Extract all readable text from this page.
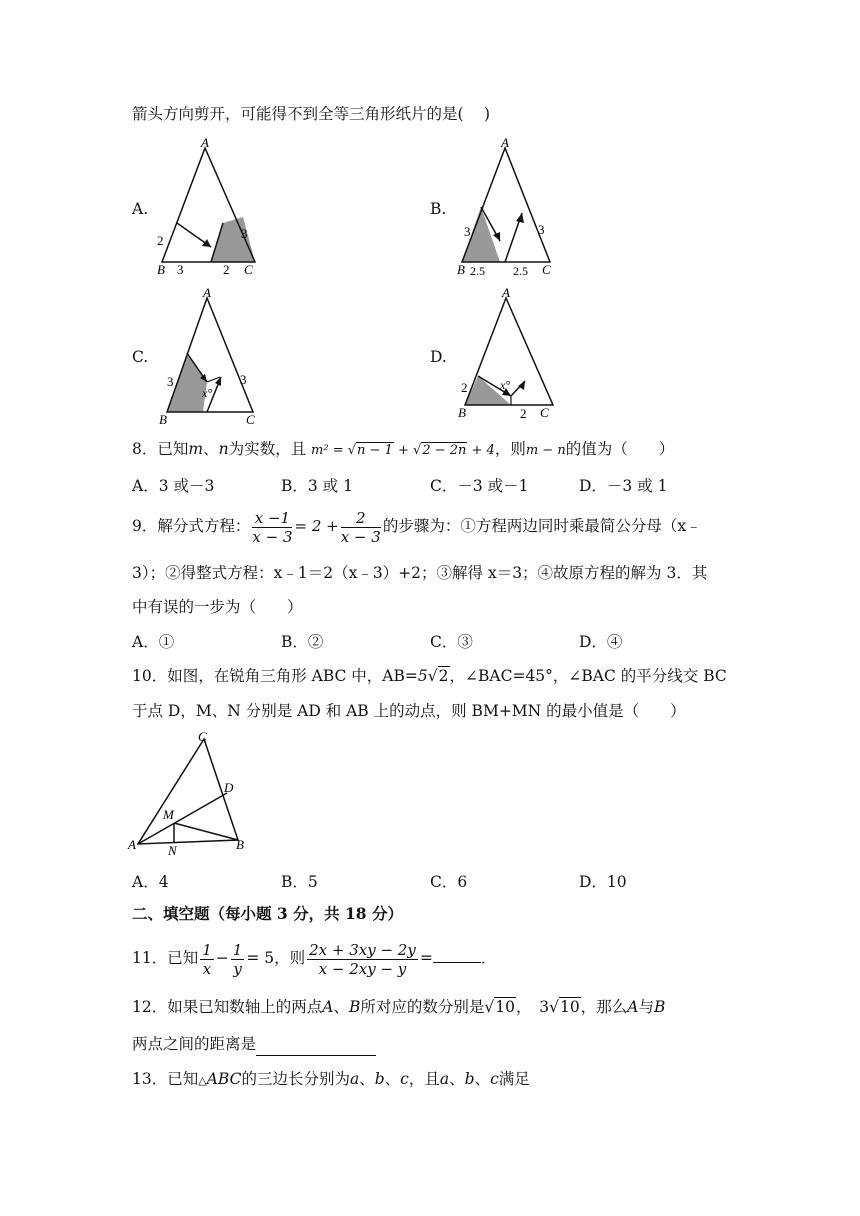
箭头方向剪开，可能得不到全等三角形纸片的是(　 )
A.	B.
C.	D.
A
B	C
2	3
3	2
A
B	C
3	3
2.5 2.5
A
B	C
3	3
x°
A
B	C
2
2
x°
8．已知m、n为实数，且 m² = √n − 1 + √2 − 2n + 4，则m − n的值为（　　）
A．3 或－3	B．3 或 1	C．－3 或－1	D．－3 或 1
9．解分式方程： $\frac{x -1}{x - 3} = 2 + \frac{2}{x - 3}$ 的步骤为：①方程两边同时乘最简公分母（x﹣
3）；②得整式方程：x﹣1＝2（x﹣3）+2；③解得 x＝3；④故原方程的解为 3．其
中有误的一步为（　　）
A．①	B．②	C．③	D．④
10．如图，在锐角三角形 ABC 中，AB=5√2，∠BAC=45°，∠BAC 的平分线交 BC
于点 D，M、N 分别是 AD 和 AB 上的动点，则 BM+MN 的最小值是（　　）
C
D
M
A	B
N
A．4	B．5	C．6	D．10
二、填空题（每小题 3 分，共 18 分）
11．已知 $\frac{1}{x} - \frac{1}{y} = 5$，则 $\frac{2x + 3xy - 2y}{x - 2xy - y}$ =	．
12．如果已知数轴上的两点A、B所对应的数分别是√10，　 3√10，那么A与B
两点之间的距离是
13．已知△ABC的三边长分别为a、b、c，且a、b、c满足
